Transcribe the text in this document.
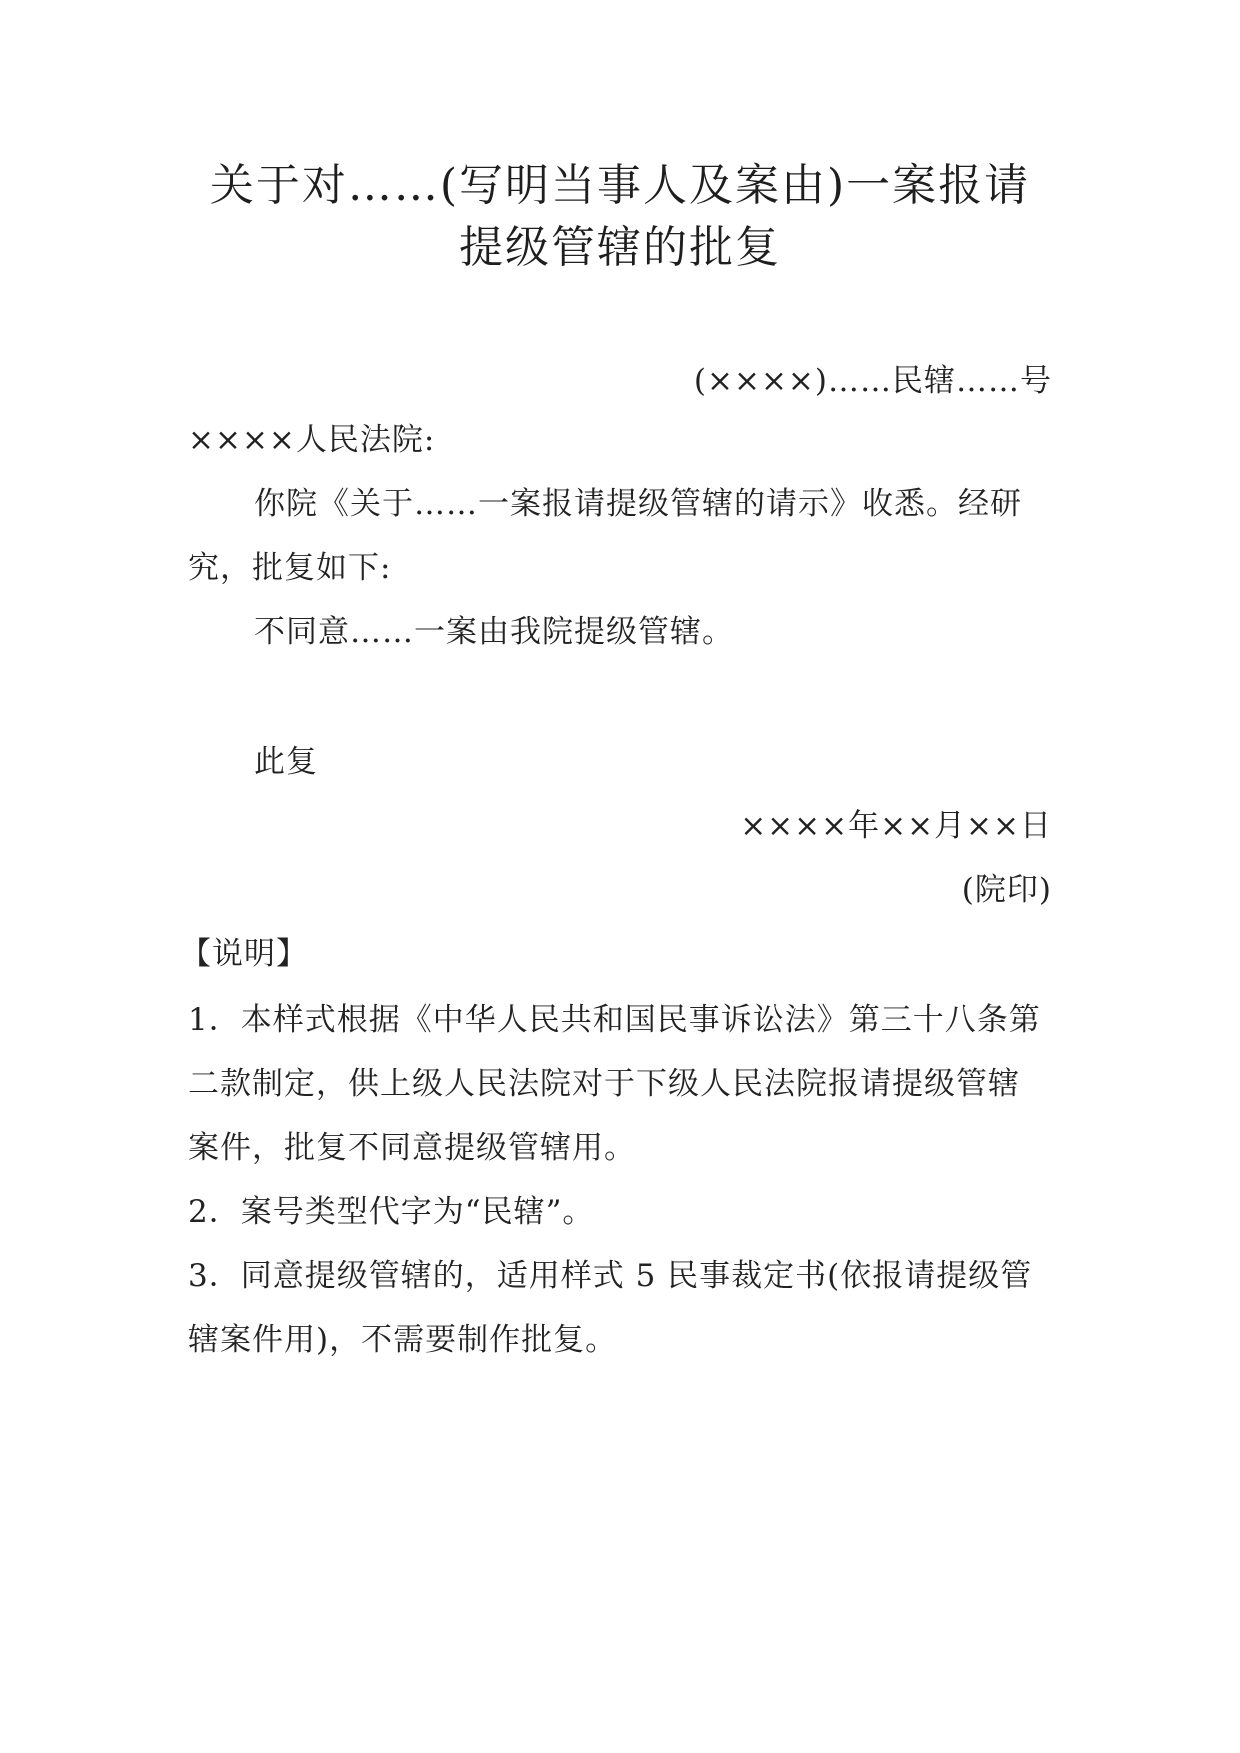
关于对……(写明当事人及案由)一案报请
提级管辖的批复
(××××)……民辖……号
××××人民法院:
你院《关于……一案报请提级管辖的请示》收悉。经研
究，批复如下:
不同意……一案由我院提级管辖。
此复
××××年××月××日
(院印)
【说明】
1．本样式根据《中华人民共和国民事诉讼法》第三十八条第
二款制定，供上级人民法院对于下级人民法院报请提级管辖
案件，批复不同意提级管辖用。
2．案号类型代字为“民辖”。
3．同意提级管辖的，适用样式 5 民事裁定书(依报请提级管
辖案件用)，不需要制作批复。
